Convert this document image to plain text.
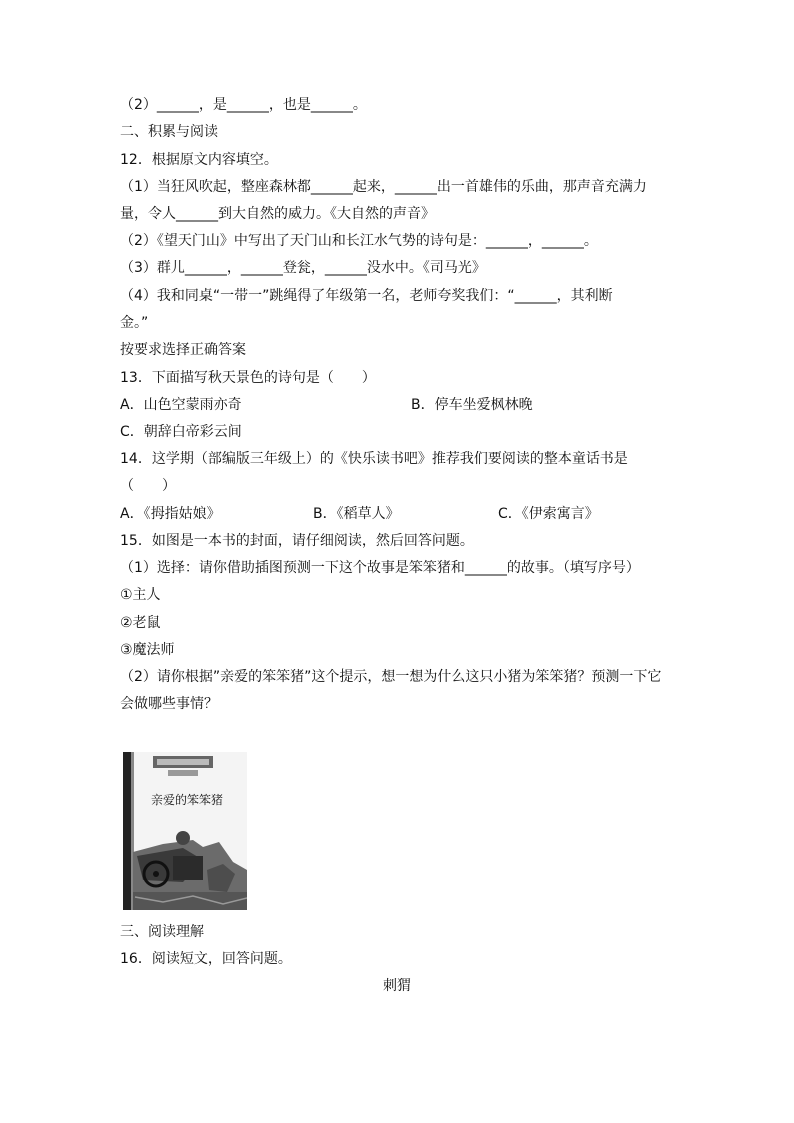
（2）______，是______，也是______。
二、积累与阅读
12．根据原文内容填空。
（1）当狂风吹起，整座森林都______起来，______出一首雄伟的乐曲，那声音充满力
量，令人______到大自然的威力。《大自然的声音》
（2）《望天门山》中写出了天门山和长江水气势的诗句是：______，______。
（3）群儿______，______登瓮，______没水中。《司马光》
（4）我和同桌“一带一”跳绳得了年级第一名，老师夸奖我们：“______，其利断
金。”
按要求选择正确答案
13．下面描写秋天景色的诗句是（　　）
A．山色空蒙雨亦奇	B．停车坐爱枫林晚
C．朝辞白帝彩云间
14．这学期（部编版三年级上）的《快乐读书吧》推荐我们要阅读的整本童话书是
（　　）
A．《拇指姑娘》	B．《稻草人》	C．《伊索寓言》
15．如图是一本书的封面，请仔细阅读，然后回答问题。
（1）选择：请你借助插图预测一下这个故事是笨笨猪和______的故事。（填写序号）
①主人
②老鼠
③魔法师
（2）请你根据”亲爱的笨笨猪”这个提示，想一想为什么这只小猪为笨笨猪？预测一下它
会做哪些事情？
亲爱的笨笨猪
三、阅读理解
16．阅读短文，回答问题。
刺猬
